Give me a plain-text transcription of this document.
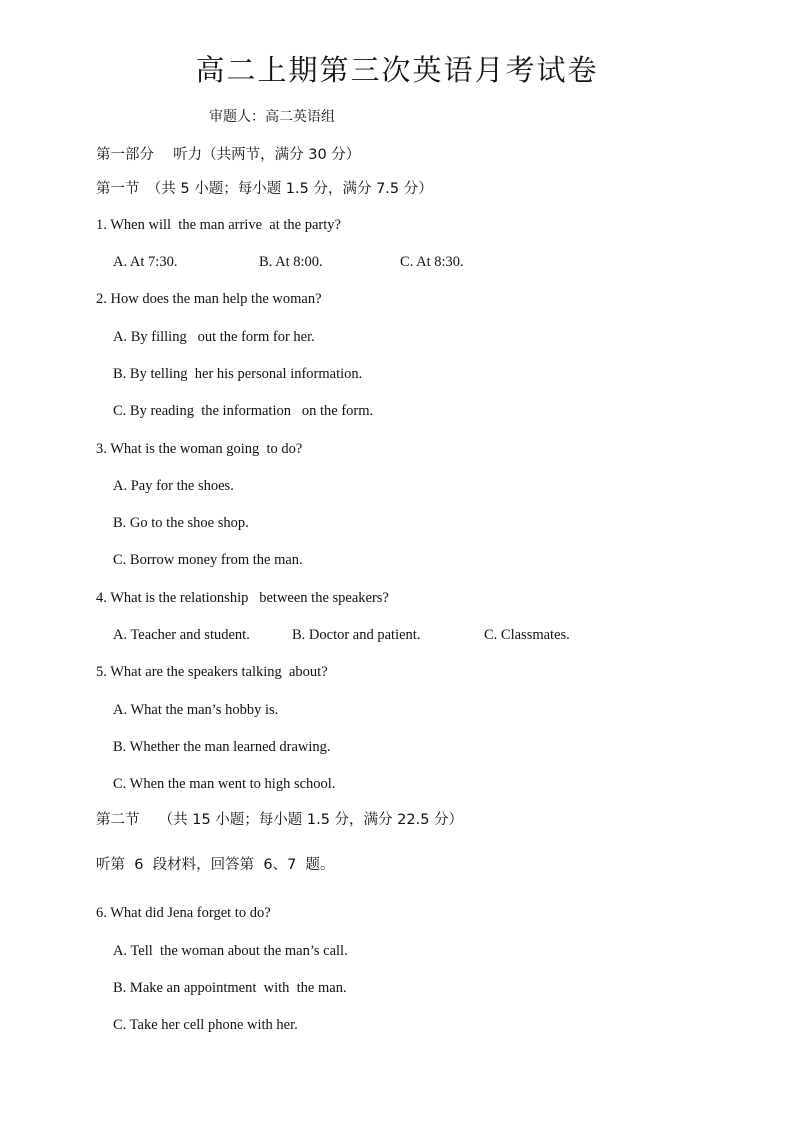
高二上期第三次英语月考试卷
审题人：高二英语组
第一部分　 听力（共两节，满分 30 分）
第一节　（共 5 小题；每小题 1.5 分，满分 7.5 分）
1. When will  the man arrive  at the party?
A. At 7:30.	B. At 8:00.	C. At 8:30.
2. How does the man help the woman?
A. By filling   out the form for her.
B. By telling  her his personal information.
C. By reading  the information   on the form.
3. What is the woman going  to do?
A. Pay for the shoes.
B. Go to the shoe shop.
C. Borrow money from the man.
4. What is the relationship   between the speakers?
A. Teacher and student.	B. Doctor and patient.	C. Classmates.
5. What are the speakers talking  about?
A. What the man’s hobby is.
B. Whether the man learned drawing.
C. When the man went to high school.
第二节　 （共 15 小题；每小题 1.5 分，满分 22.5 分）
听第  6  段材料，回答第  6、7  题。
6. What did Jena forget to do?
A. Tell  the woman about the man’s call.
B. Make an appointment  with  the man.
C. Take her cell phone with her.
